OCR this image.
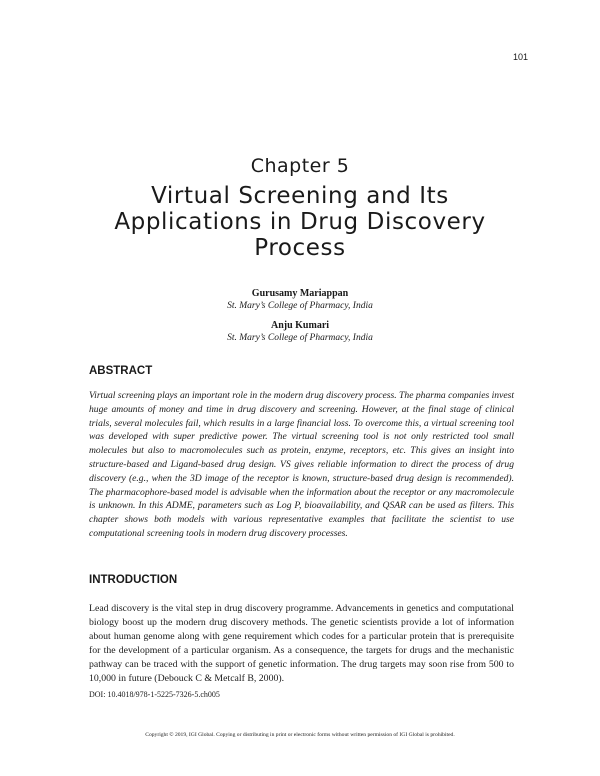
101
Chapter 5
Virtual Screening and Its Applications in Drug Discovery Process
Gurusamy Mariappan
St. Mary’s College of Pharmacy, India
Anju Kumari
St. Mary’s College of Pharmacy, India
ABSTRACT

Virtual screening plays an important role in the modern drug discovery process. The pharma companies invest huge amounts of money and time in drug discovery and screening. However, at the final stage of clinical trials, several molecules fail, which results in a large financial loss. To overcome this, a virtual screening tool was developed with super predictive power. The virtual screening tool is not only restricted tool small molecules but also to macromolecules such as protein, enzyme, receptors, etc. This gives an insight into structure-based and Ligand-based drug design. VS gives reliable information to direct the process of drug discovery (e.g., when the 3D image of the receptor is known, structure-based drug design is recommended). The pharmacophore-based model is advisable when the information about the receptor or any macromolecule is unknown. In this ADME, parameters such as Log P, bioavailability, and QSAR can be used as filters. This chapter shows both models with various representative examples that facilitate the scientist to use computational screening tools in modern drug discovery processes.

INTRODUCTION

Lead discovery is the vital step in drug discovery programme. Advancements in genetics and computational biology boost up the modern drug discovery methods. The genetic scientists provide a lot of information about human genome along with gene requirement which codes for a particular protein that is prerequisite for the development of a particular organism. As a consequence, the targets for drugs and the mechanistic pathway can be traced with the support of genetic information. The drug targets may soon rise from 500 to 10,000 in future (Debouck C & Metcalf B, 2000).

DOI: 10.4018/978-1-5225-7326-5.ch005
Copyright © 2019, IGI Global. Copying or distributing in print or electronic forms without written permission of IGI Global is prohibited.
